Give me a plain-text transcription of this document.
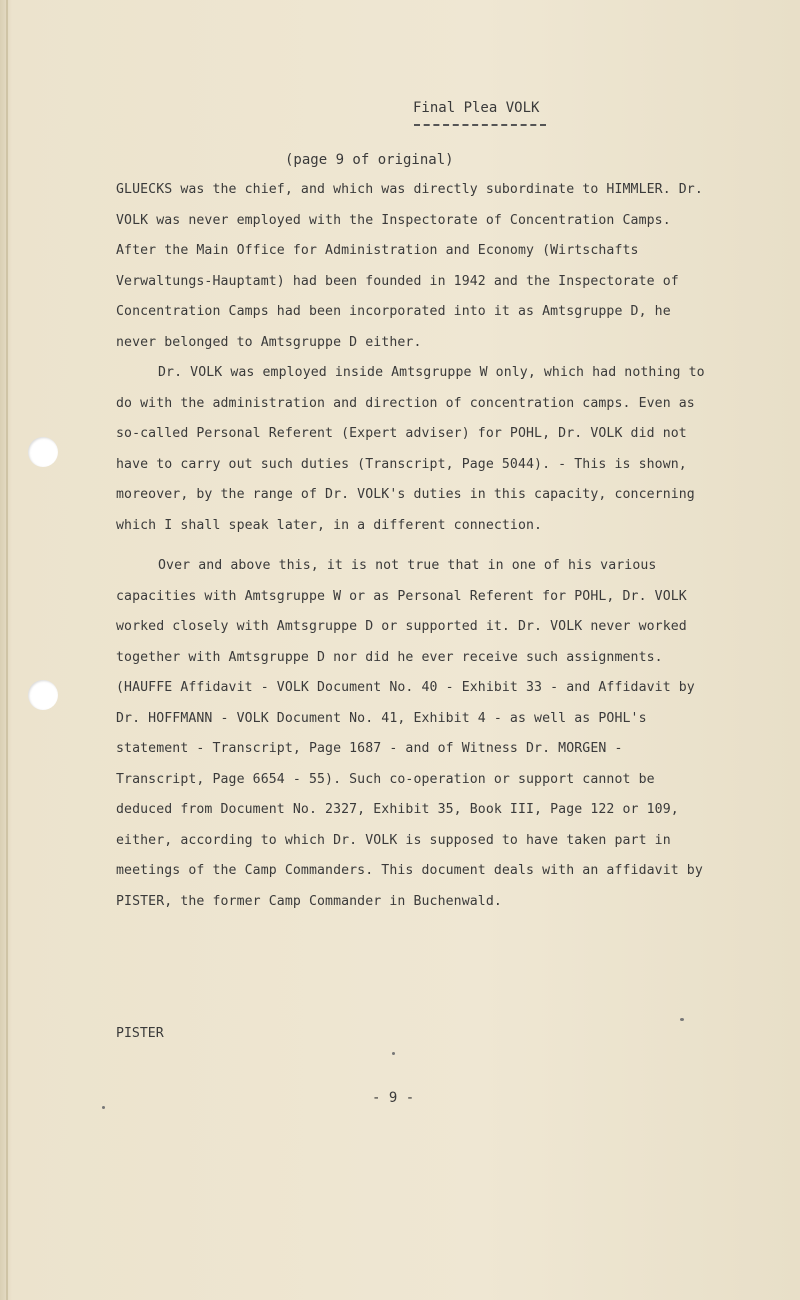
Final Plea VOLK
(page 9 of original)

GLUECKS was the chief, and which was directly subordinate to HIMMLER. Dr. VOLK was never employed with the Inspectorate of Concentration Camps. After the Main Office for Administration and Economy (Wirtschafts Verwaltungs-Hauptamt) had been founded in 1942 and the Inspectorate of Concentration Camps had been incorporated into it as Amtsgruppe D, he never belonged to Amtsgruppe D either.

Dr. VOLK was employed inside Amtsgruppe W only, which had nothing to do with the administration and direction of concentration camps. Even as so-called Personal Referent (Expert adviser) for POHL, Dr. VOLK did not have to carry out such duties (Transcript, Page 5044). - This is shown, moreover, by the range of Dr. VOLK's duties in this capacity, concerning which I shall speak later, in a different connection.

Over and above this, it is not true that in one of his various capacities with Amtsgruppe W or as Personal Referent for POHL, Dr. VOLK worked closely with Amtsgruppe D or supported it. Dr. VOLK never worked together with Amtsgruppe D nor did he ever receive such assignments. (HAUFFE Affidavit - VOLK Document No. 40 - Exhibit 33 - and Affidavit by Dr. HOFFMANN - VOLK Document No. 41, Exhibit 4 - as well as POHL's statement - Transcript, Page 1687 - and of Witness Dr. MORGEN - Transcript, Page 6654 - 55). Such co-operation or support cannot be deduced from Document No. 2327, Exhibit 35, Book III, Page 122 or 109, either, according to which Dr. VOLK is supposed to have taken part in meetings of the Camp Commanders. This document deals with an affidavit by PISTER, the former Camp Commander in Buchenwald.

PISTER
- 9 -
